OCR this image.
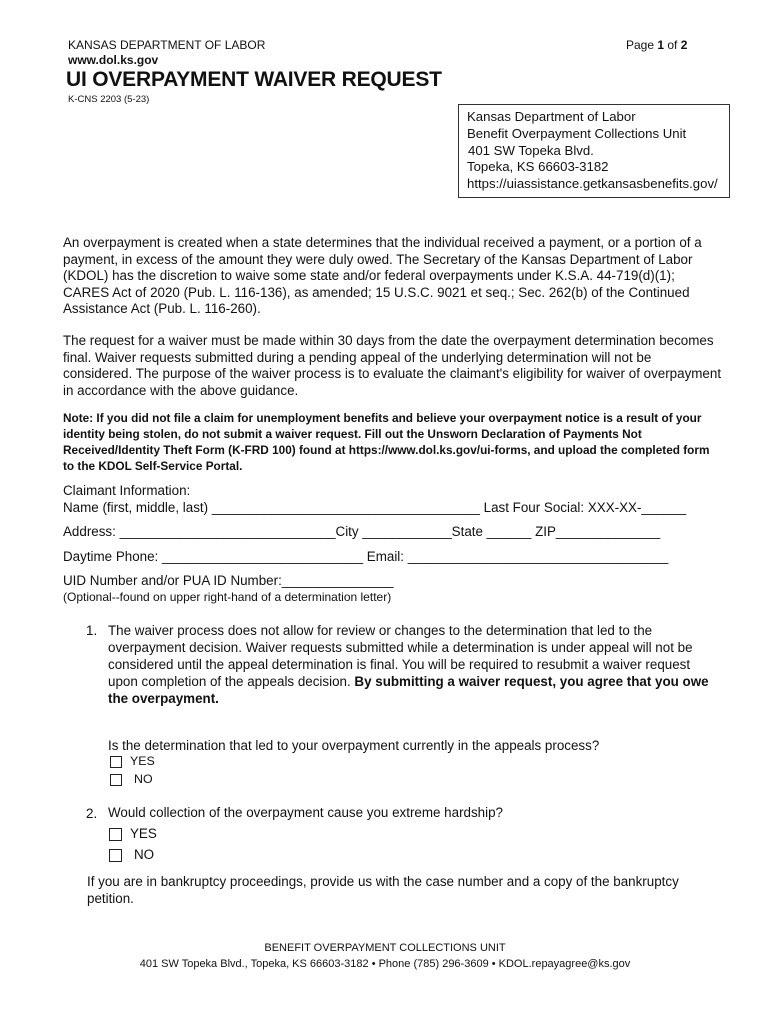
KANSAS DEPARTMENT OF LABOR
www.dol.ks.gov
Page 1 of 2
UI OVERPAYMENT WAIVER REQUEST
K-CNS 2203 (5-23)
Kansas Department of Labor
Benefit Overpayment Collections Unit
401 SW Topeka Blvd.
Topeka, KS 66603-3182
https://uiassistance.getkansasbenefits.gov/
An overpayment is created when a state determines that the individual received a payment, or a portion of a payment, in excess of the amount they were duly owed. The Secretary of the Kansas Department of Labor (KDOL) has the discretion to waive some state and/or federal overpayments under K.S.A. 44-719(d)(1); CARES Act of 2020 (Pub. L. 116-136), as amended; 15 U.S.C. 9021 et seq.; Sec. 262(b) of the Continued Assistance Act (Pub. L. 116-260).
The request for a waiver must be made within 30 days from the date the overpayment determination becomes final. Waiver requests submitted during a pending appeal of the underlying determination will not be considered. The purpose of the waiver process is to evaluate the claimant's eligibility for waiver of overpayment in accordance with the above guidance.
Note: If you did not file a claim for unemployment benefits and believe your overpayment notice is a result of your identity being stolen, do not submit a waiver request. Fill out the Unsworn Declaration of Payments Not Received/Identity Theft Form (K-FRD 100) found at https://www.dol.ks.gov/ui-forms, and upload the completed form to the KDOL Self-Service Portal.
Claimant Information:
Name (first, middle, last) ____________________________________ Last Four Social: XXX-XX-______
Address: _____________________________City ____________State ______ ZIP______________
Daytime Phone: ___________________________ Email: ___________________________________
UID Number and/or PUA ID Number:_______________
(Optional--found on upper right-hand of a determination letter)
1. The waiver process does not allow for review or changes to the determination that led to the overpayment decision. Waiver requests submitted while a determination is under appeal will not be considered until the appeal determination is final. You will be required to resubmit a waiver request upon completion of the appeals decision. By submitting a waiver request, you agree that you owe the overpayment.
Is the determination that led to your overpayment currently in the appeals process?
YES
NO
2. Would collection of the overpayment cause you extreme hardship?
YES
NO
If you are in bankruptcy proceedings, provide us with the case number and a copy of the bankruptcy petition.
BENEFIT OVERPAYMENT COLLECTIONS UNIT
401 SW Topeka Blvd., Topeka, KS 66603-3182 • Phone (785) 296-3609 • KDOL.repayagree@ks.gov
